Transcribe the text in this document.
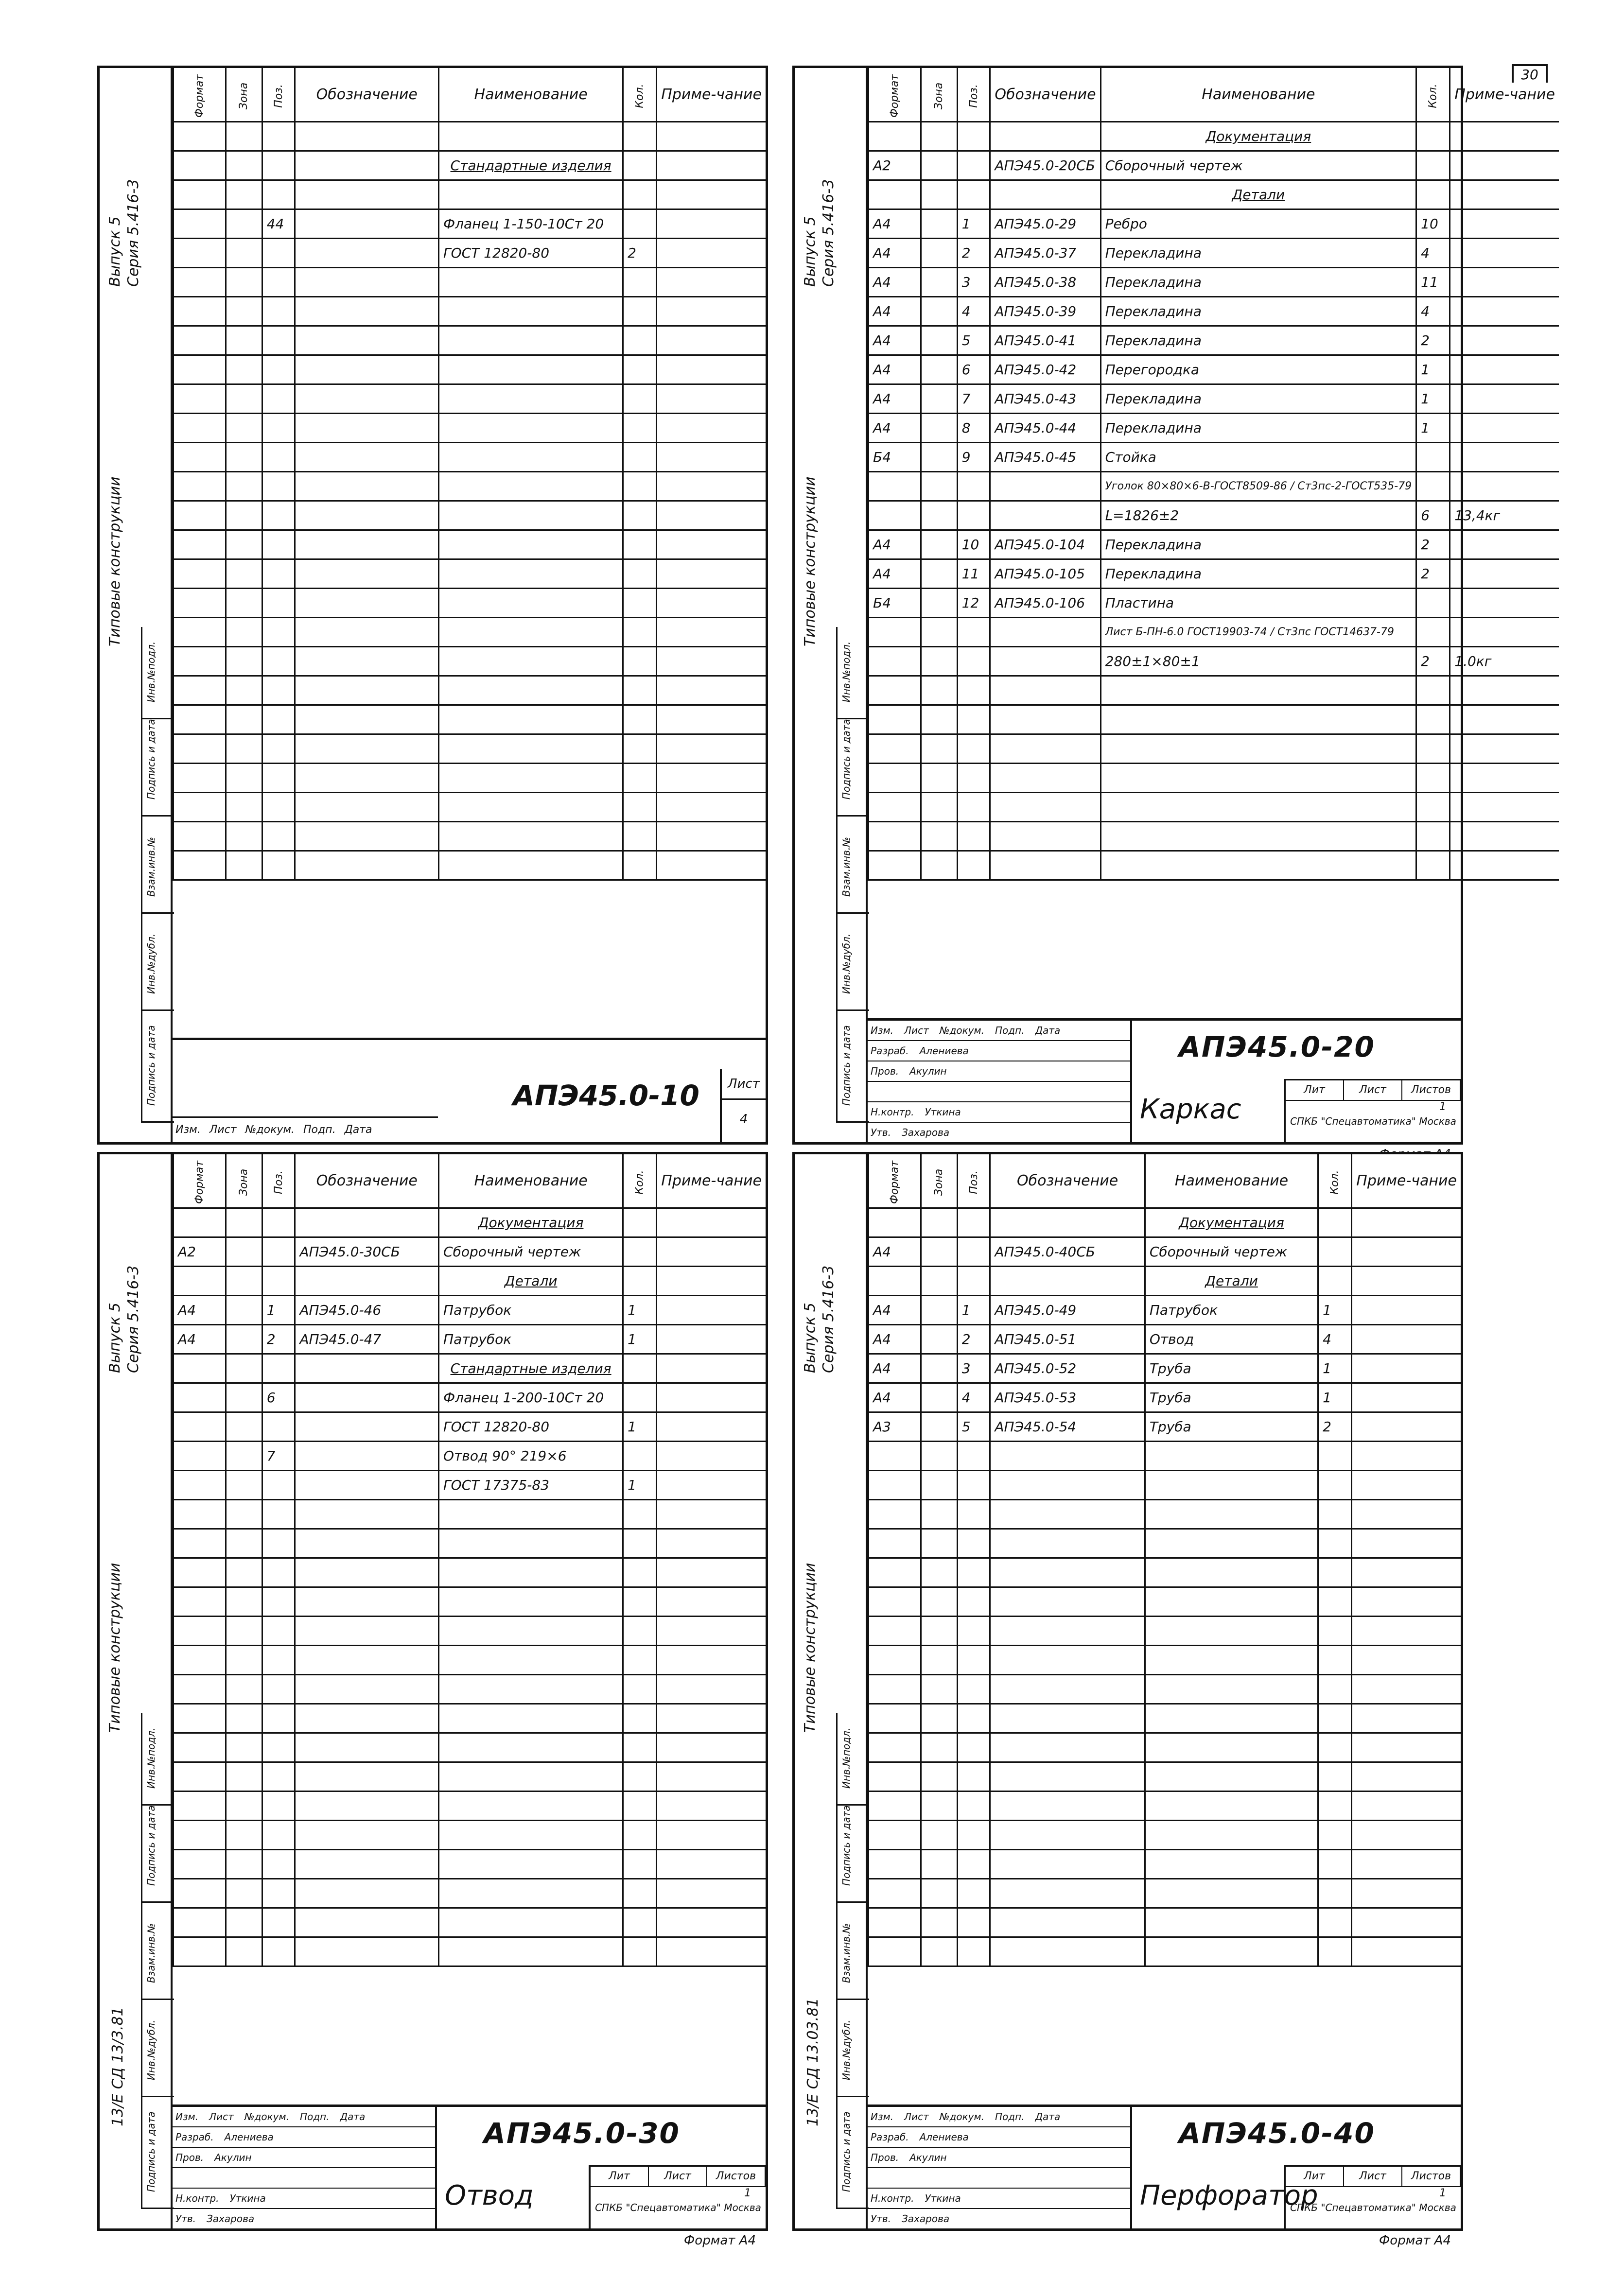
30
Выпуск 5 Серия 5.416-3
Типовые конструкции
Инв.№подл.
Подпись и дата
Взам.инв.№
Инв.№дубл.
Подпись и дата
Формат	Зона	Поз.	Обозначение	Наименование	Кол.	Приме-чание

				Стандартные изделия		

		44		Фланец 1-150-10Ст 20		
				ГОСТ 12820-80	2	

АПЭ45.0-10
Изм. Лист №докум. Подп. Дата
Лист
4
Выпуск 5 Серия 5.416-3
Типовые конструкции
Инв.№подл.
Подпись и дата
Взам.инв.№
Инв.№дубл.
Подпись и дата
Формат	Зона	Поз.	Обозначение	Наименование	Кол.	Приме-чание
				Документация		
А2			АПЭ45.0-20СБ	Сборочный чертеж		
				Детали		
А4		1	АПЭ45.0-29	Ребро	10	
А4		2	АПЭ45.0-37	Перекладина	4	
А4		3	АПЭ45.0-38	Перекладина	11	
А4		4	АПЭ45.0-39	Перекладина	4	
А4		5	АПЭ45.0-41	Перекладина	2	
А4		6	АПЭ45.0-42	Перегородка	1	
А4		7	АПЭ45.0-43	Перекладина	1	
А4		8	АПЭ45.0-44	Перекладина	1	
Б4		9	АПЭ45.0-45	Стойка		
				Уголок 80×80×6-В-ГОСТ8509-86 / Ст3пс-2-ГОСТ535-79		
				L=1826±2	6	13,4кг
А4		10	АПЭ45.0-104	Перекладина	2	
А4		11	АПЭ45.0-105	Перекладина	2	
Б4		12	АПЭ45.0-106	Пластина		
				Лист Б-ПН-6.0 ГОСТ19903-74 / Ст3пс ГОСТ14637-79		
				280±1×80±1	2	1.0кг

Изм. Лист №докум. Подп. Дата
Разраб. Алениева
Пров. Акулин
Н.контр. Уткина
Утв. Захарова
АПЭ45.0-20
Каркас
Лит	Лист	Листов
1
СПКБ "Спецавтоматика" Москва
Выпуск 5 Серия 5.416-3
Типовые конструкции
Инв.№подл.
Подпись и дата
Взам.инв.№
Инв.№дубл.
Подпись и дата
Формат	Зона	Поз.	Обозначение	Наименование	Кол.	Приме-чание
				Документация		
А2			АПЭ45.0-30СБ	Сборочный чертеж		
				Детали		
А4		1	АПЭ45.0-46	Патрубок	1	
А4		2	АПЭ45.0-47	Патрубок	1	
				Стандартные изделия		
		6		Фланец 1-200-10Ст 20		
				ГОСТ 12820-80	1	
		7		Отвод 90° 219×6		
				ГОСТ 17375-83	1	

Изм. Лист №докум. Подп. Дата
Разраб. Алениева
Пров. Акулин
Н.контр. Уткина
Утв. Захарова
АПЭ45.0-30
Отвод
Лит	Лист	Листов
1
СПКБ "Спецавтоматика" Москва
Формат А4
13/Е СД 13/3.81
Выпуск 5 Серия 5.416-3
Типовые конструкции
Инв.№подл.
Подпись и дата
Взам.инв.№
Инв.№дубл.
Подпись и дата
Формат	Зона	Поз.	Обозначение	Наименование	Кол.	Приме-чание
				Документация		
А4			АПЭ45.0-40СБ	Сборочный чертеж		
				Детали		
А4		1	АПЭ45.0-49	Патрубок	1	
А4		2	АПЭ45.0-51	Отвод	4	
А4		3	АПЭ45.0-52	Труба	1	
А4		4	АПЭ45.0-53	Труба	1	
А3		5	АПЭ45.0-54	Труба	2	

Изм. Лист №докум. Подп. Дата
Разраб. Алениева
Пров. Акулин
Н.контр. Уткина
Утв. Захарова
АПЭ45.0-40
Перфоратор
Лит	Лист	Листов
1
СПКБ "Спецавтоматика" Москва
Формат А4
13/Е СД 13.03.81
